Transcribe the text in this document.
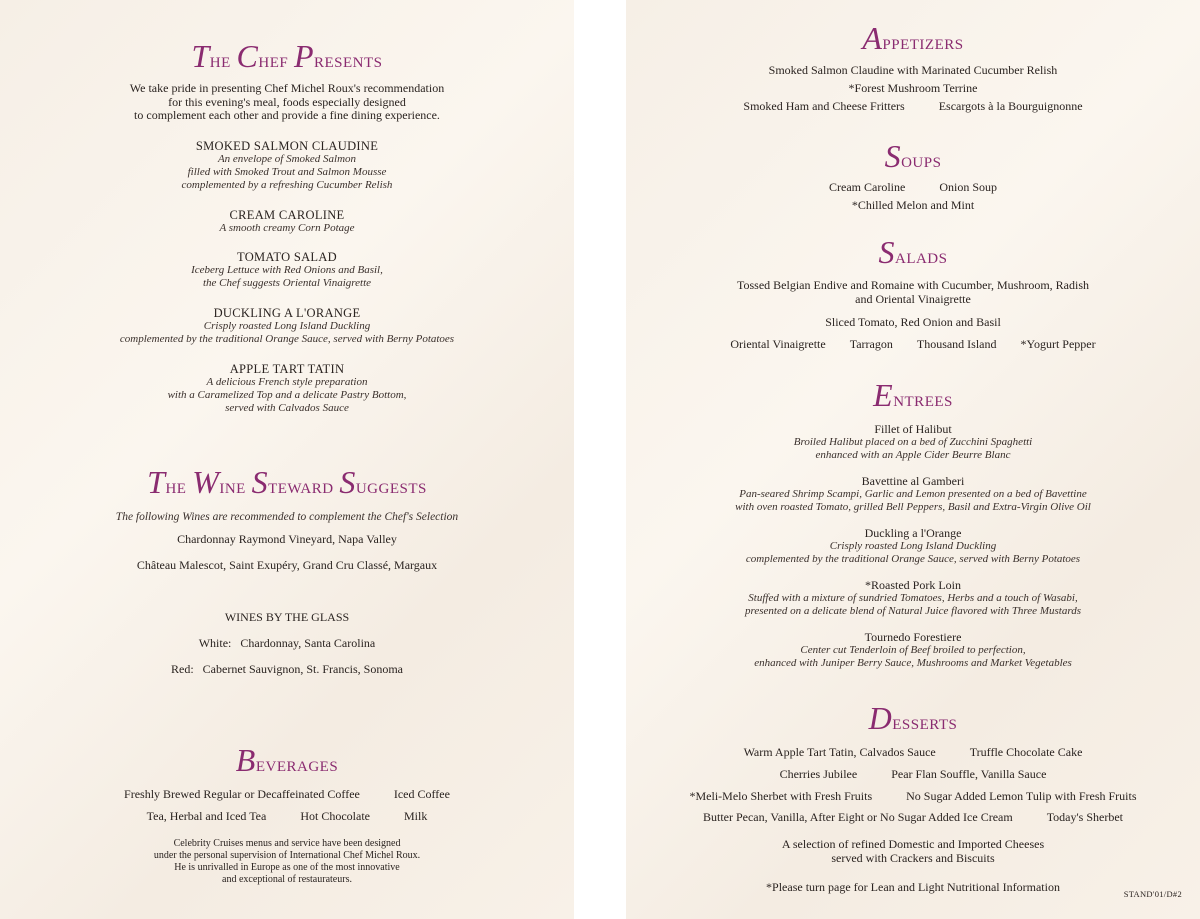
The Chef Presents

We take pride in presenting Chef Michel Roux's recommendation

for this evening's meal, foods especially designed

to complement each other and provide a fine dining experience.

SMOKED SALMON CLAUDINE

An envelope of Smoked Salmon

filled with Smoked Trout and Salmon Mousse

complemented by a refreshing Cucumber Relish

CREAM CAROLINE

A smooth creamy Corn Potage

TOMATO SALAD

Iceberg Lettuce with Red Onions and Basil,

the Chef suggests Oriental Vinaigrette

DUCKLING A L'ORANGE

Crisply roasted Long Island Duckling

complemented by the traditional Orange Sauce, served with Berny Potatoes

APPLE TART TATIN

A delicious French style preparation

with a Caramelized Top and a delicate Pastry Bottom,

served with Calvados Sauce

The Wine Steward Suggests

The following Wines are recommended to complement the Chef's Selection

Chardonnay Raymond Vineyard, Napa Valley

Château Malescot, Saint Exupéry, Grand Cru Classé, Margaux

WINES BY THE GLASS

White: Chardonnay, Santa Carolina

Red: Cabernet Sauvignon, St. Francis, Sonoma

Beverages
Freshly Brewed Regular or Decaffeinated Coffee	Iced Coffee
Tea, Herbal and Iced Tea	Hot Chocolate	Milk

Celebrity Cruises menus and service have been designed

under the personal supervision of International Chef Michel Roux.

He is unrivalled in Europe as one of the most innovative

and exceptional of restaurateurs.

Appetizers

Smoked Salmon Claudine with Marinated Cucumber Relish

*Forest Mushroom Terrine

Smoked Ham and Cheese Fritters	Escargots à la Bourguignonne
Soups
Cream Caroline	Onion Soup

*Chilled Melon and Mint

Salads

Tossed Belgian Endive and Romaine with Cucumber, Mushroom, Radish

and Oriental Vinaigrette

Sliced Tomato, Red Onion and Basil

Oriental Vinaigrette Tarragon Thousand Island *Yogurt Pepper
Entrees

Fillet of Halibut

Broiled Halibut placed on a bed of Zucchini Spaghetti

enhanced with an Apple Cider Beurre Blanc

Bavettine al Gamberi

Pan-seared Shrimp Scampi, Garlic and Lemon presented on a bed of Bavettine

with oven roasted Tomato, grilled Bell Peppers, Basil and Extra-Virgin Olive Oil

Duckling a l'Orange

Crisply roasted Long Island Duckling

complemented by the traditional Orange Sauce, served with Berny Potatoes

*Roasted Pork Loin

Stuffed with a mixture of sundried Tomatoes, Herbs and a touch of Wasabi,

presented on a delicate blend of Natural Juice flavored with Three Mustards

Tournedo Forestiere

Center cut Tenderloin of Beef broiled to perfection,

enhanced with Juniper Berry Sauce, Mushrooms and Market Vegetables

Desserts
Warm Apple Tart Tatin, Calvados Sauce	Truffle Chocolate Cake
Cherries Jubilee	Pear Flan Souffle, Vanilla Sauce
*Meli-Melo Sherbet with Fresh Fruits	No Sugar Added Lemon Tulip with Fresh Fruits
Butter Pecan, Vanilla, After Eight or No Sugar Added Ice Cream	Today's Sherbet

A selection of refined Domestic and Imported Cheeses

served with Crackers and Biscuits

*Please turn page for Lean and Light Nutritional Information	STAND'01/D#2
